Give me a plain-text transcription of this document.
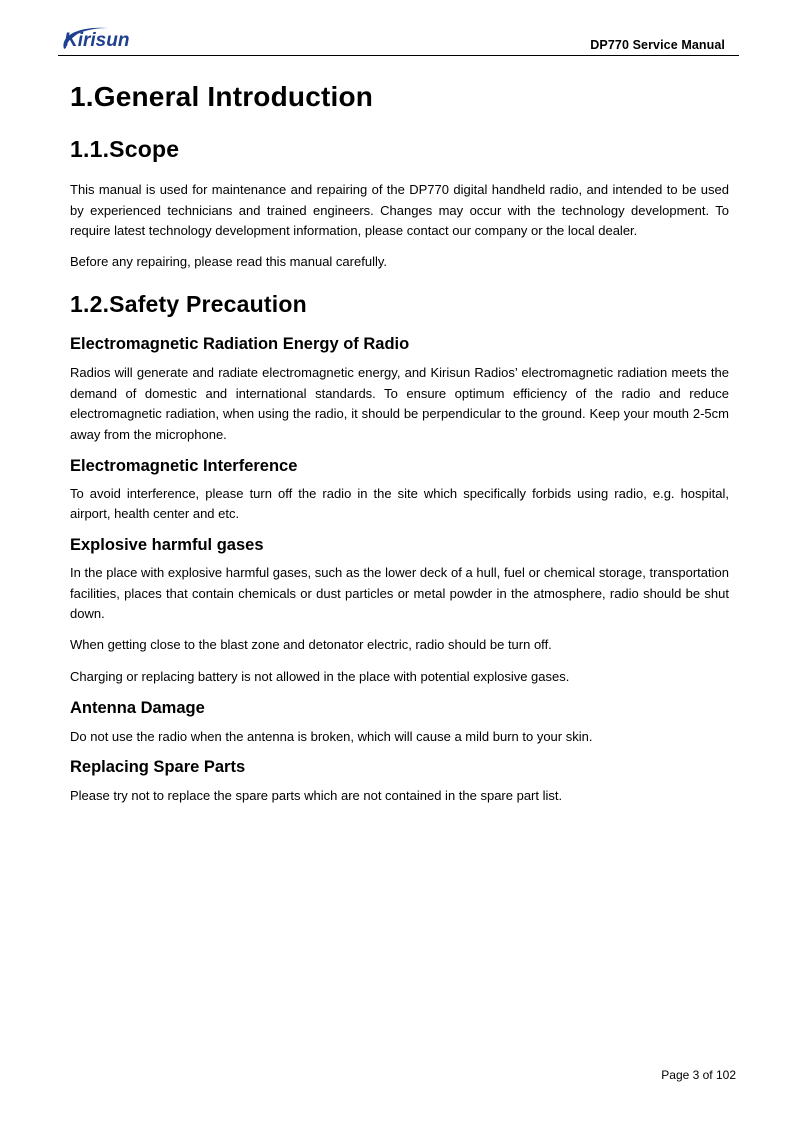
Kirisun	DP770 Service Manual
1.General Introduction
1.1.Scope

This manual is used for maintenance and repairing of the DP770 digital handheld radio, and intended to be used by experienced technicians and trained engineers. Changes may occur with the technology development. To require latest technology development information, please contact our company or the local dealer.

Before any repairing, please read this manual carefully.

1.2.Safety Precaution
Electromagnetic Radiation Energy of Radio

Radios will generate and radiate electromagnetic energy, and Kirisun Radios’ electromagnetic radiation meets the demand of domestic and international standards. To ensure optimum efficiency of the radio and reduce electromagnetic radiation, when using the radio, it should be perpendicular to the ground. Keep your mouth 2-5cm away from the microphone.

Electromagnetic Interference

To avoid interference, please turn off the radio in the site which specifically forbids using radio, e.g. hospital, airport, health center and etc.

Explosive harmful gases

In the place with explosive harmful gases, such as the lower deck of a hull, fuel or chemical storage, transportation facilities, places that contain chemicals or dust particles or metal powder in the atmosphere, radio should be shut down.

When getting close to the blast zone and detonator electric, radio should be turn off.

Charging or replacing battery is not allowed in the place with potential explosive gases.

Antenna Damage

Do not use the radio when the antenna is broken, which will cause a mild burn to your skin.

Replacing Spare Parts

Please try not to replace the spare parts which are not contained in the spare part list.

Page 3 of 102
